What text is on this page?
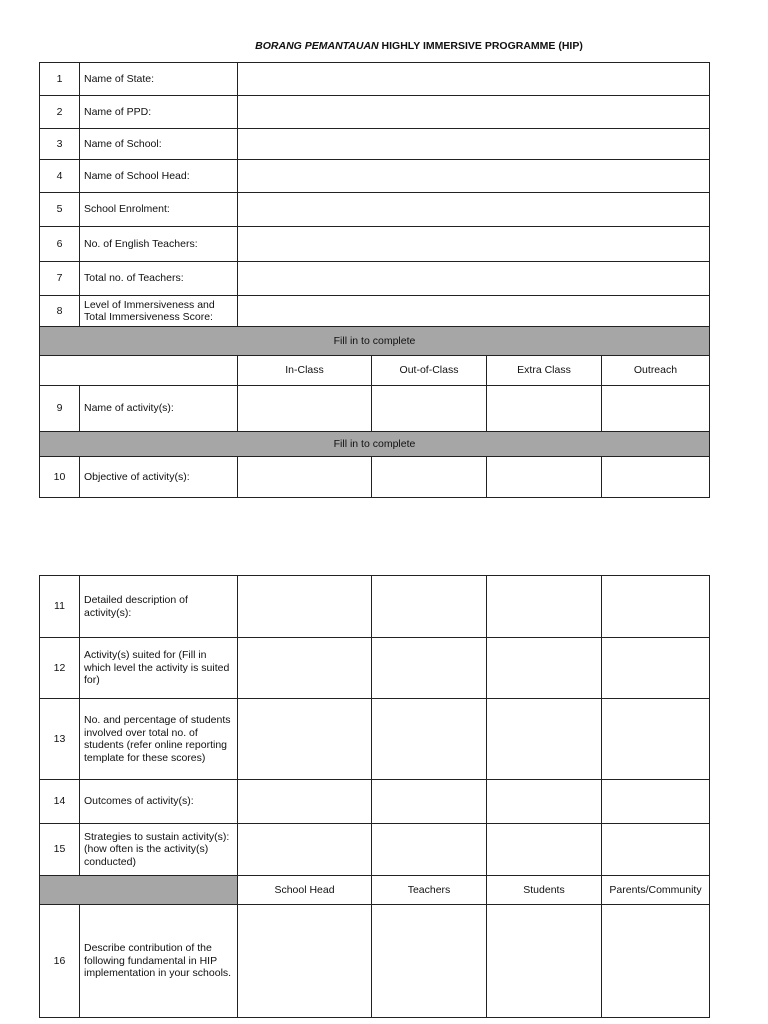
BORANG PEMANTAUAN HIGHLY IMMERSIVE PROGRAMME (HIP)
1	Name of State:				
2	Name of PPD:				
3	Name of School:				
4	Name of School Head:				
5	School Enrolment:				
6	No. of English Teachers:				
7	Total no. of Teachers:				
8	Level of Immersiveness and Total Immersiveness Score:				
Fill in to complete					
		In-Class	Out-of-Class	Extra Class	Outreach
9	Name of activity(s):				
Fill in to complete					
10	Objective of activity(s):				
11	Detailed description of activity(s):				
12	Activity(s) suited for (Fill in which level the activity is suited for)				
13	No. and percentage of students involved over total no. of students (refer online reporting template for these scores)				
14	Outcomes of activity(s):				
15	Strategies to sustain activity(s): (how often is the activity(s) conducted)				
		School Head	Teachers	Students	Parents/Community
16	Describe contribution of the following fundamental in HIP implementation in your schools.				
